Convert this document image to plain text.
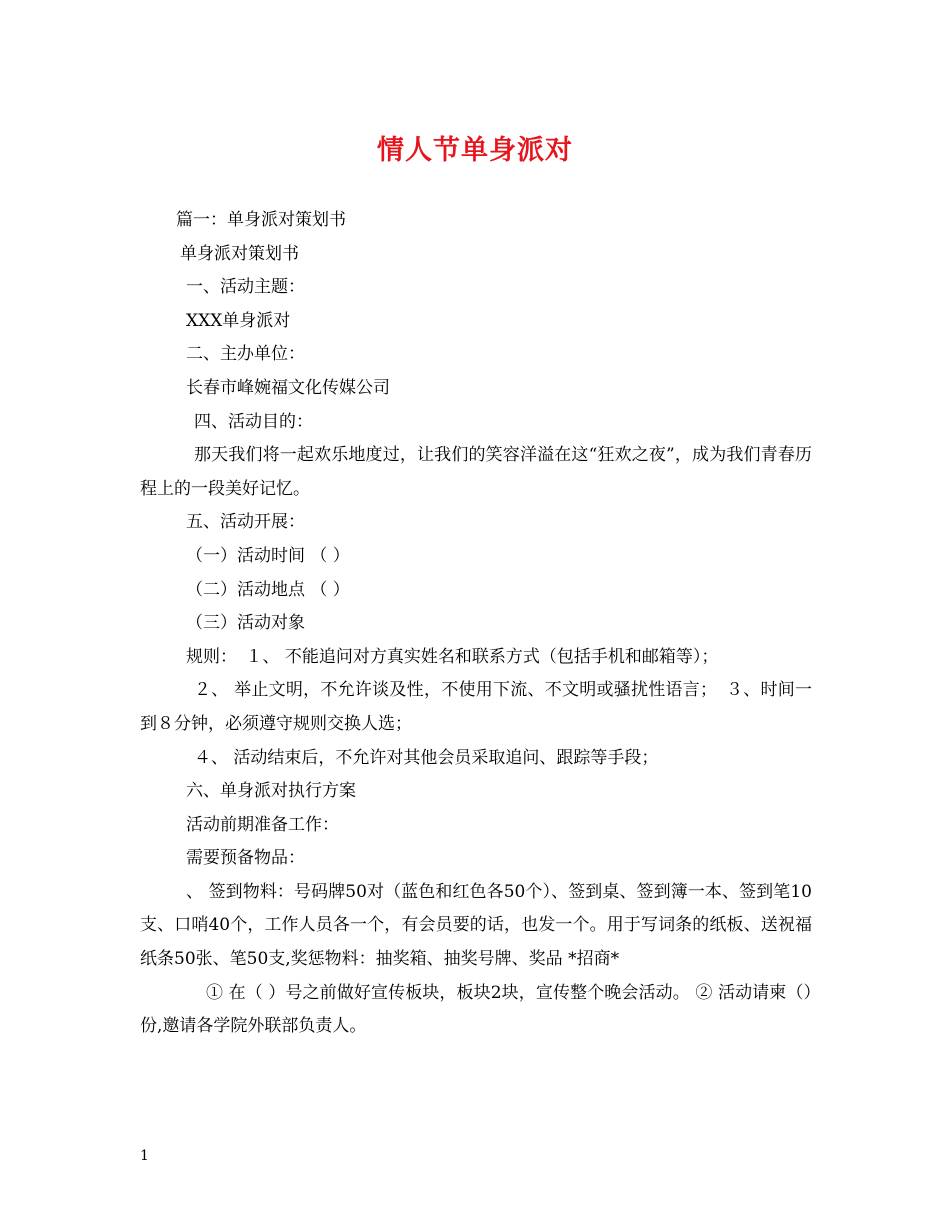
情人节单身派对

篇一：单身派对策划书

单身派对策划书

一、活动主题：

XXX单身派对

二、主办单位：

长春市峰婉福文化传媒公司

四、活动目的：

那天我们将一起欢乐地度过，让我们的笑容洋溢在这“狂欢之夜”，成为我们青春历程上的一段美好记忆。

五、活动开展：

（一）活动时间 （ ）

（二）活动地点 （ ）

（三）活动对象

规则：　１、 不能追问对方真实姓名和联系方式（包括手机和邮箱等）；

２、 举止文明，不允许谈及性，不使用下流、不文明或骚扰性语言；　３、时间一到８分钟，必须遵守规则交换人选；

４、 活动结束后，不允许对其他会员采取追问、跟踪等手段；

六、单身派对执行方案

活动前期准备工作：

需要预备物品：

、 签到物料：号码牌50对（蓝色和红色各50个）、签到桌、签到簿一本、签到笔10支、口哨40个，工作人员各一个，有会员要的话，也发一个。用于写词条的纸板、送祝福纸条50张、笔50支,奖惩物料：抽奖箱、抽奖号牌、奖品 *招商*

① 在（ ）号之前做好宣传板块，板块2块，宣传整个晚会活动。 ② 活动请柬（）份,邀请各学院外联部负责人。

1
